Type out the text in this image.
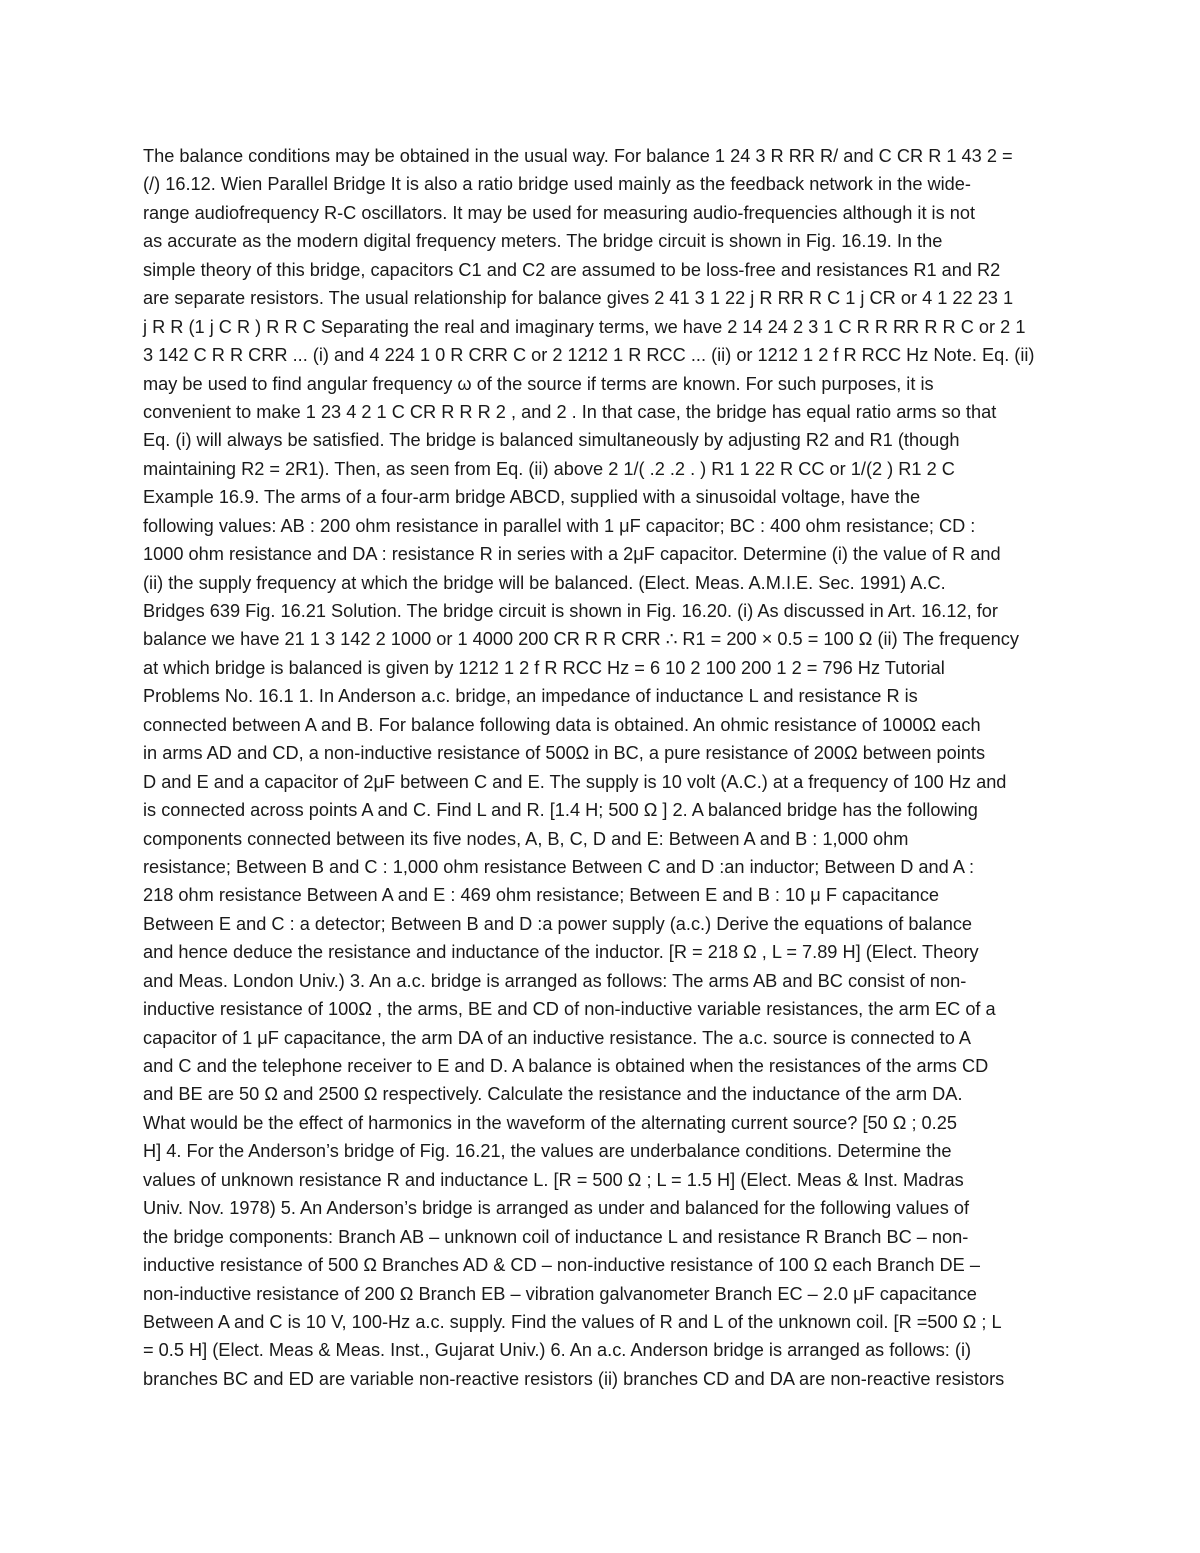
The balance conditions may be obtained in the usual way. For balance 1 24 3 R RR R/ and C CR R 1 43 2 =
(/) 16.12. Wien Parallel Bridge It is also a ratio bridge used mainly as the feedback network in the wide-
range audiofrequency R-C oscillators. It may be used for measuring audio-frequencies although it is not
as accurate as the modern digital frequency meters. The bridge circuit is shown in Fig. 16.19. In the
simple theory of this bridge, capacitors C1 and C2 are assumed to be loss-free and resistances R1 and R2
are separate resistors. The usual relationship for balance gives 2 41 3 1 22 j R RR R C 1 j CR or 4 1 22 23 1
j R R (1 j C R ) R R C Separating the real and imaginary terms, we have 2 14 24 2 3 1 C R R RR R R C or 2 1
3 142 C R R CRR ... (i) and 4 224 1 0 R CRR C or 2 1212 1 R RCC ... (ii) or 1212 1 2 f R RCC Hz Note. Eq. (ii)
may be used to find angular frequency ω of the source if terms are known. For such purposes, it is
convenient to make 1 23 4 2 1 C CR R R R 2 , and 2 . In that case, the bridge has equal ratio arms so that
Eq. (i) will always be satisfied. The bridge is balanced simultaneously by adjusting R2 and R1 (though
maintaining R2 = 2R1). Then, as seen from Eq. (ii) above 2 1/( .2 .2 . ) R1 1 22 R CC or 1/(2 ) R1 2 C
Example 16.9. The arms of a four-arm bridge ABCD, supplied with a sinusoidal voltage, have the
following values: AB : 200 ohm resistance in parallel with 1 μF capacitor; BC : 400 ohm resistance; CD :
1000 ohm resistance and DA : resistance R in series with a 2μF capacitor. Determine (i) the value of R and
(ii) the supply frequency at which the bridge will be balanced. (Elect. Meas. A.M.I.E. Sec. 1991) A.C.
Bridges 639 Fig. 16.21 Solution. The bridge circuit is shown in Fig. 16.20. (i) As discussed in Art. 16.12, for
balance we have 21 1 3 142 2 1000 or 1 4000 200 CR R R CRR ∴ R1 = 200 × 0.5 = 100 Ω (ii) The frequency
at which bridge is balanced is given by 1212 1 2 f R RCC Hz = 6 10 2 100 200 1 2 = 796 Hz Tutorial
Problems No. 16.1 1. In Anderson a.c. bridge, an impedance of inductance L and resistance R is
connected between A and B. For balance following data is obtained. An ohmic resistance of 1000Ω each
in arms AD and CD, a non-inductive resistance of 500Ω in BC, a pure resistance of 200Ω between points
D and E and a capacitor of 2μF between C and E. The supply is 10 volt (A.C.) at a frequency of 100 Hz and
is connected across points A and C. Find L and R. [1.4 H; 500 Ω ] 2. A balanced bridge has the following
components connected between its five nodes, A, B, C, D and E: Between A and B : 1,000 ohm
resistance; Between B and C : 1,000 ohm resistance Between C and D :an inductor; Between D and A :
218 ohm resistance Between A and E : 469 ohm resistance; Between E and B : 10 μ F capacitance
Between E and C : a detector; Between B and D :a power supply (a.c.) Derive the equations of balance
and hence deduce the resistance and inductance of the inductor. [R = 218 Ω , L = 7.89 H] (Elect. Theory
and Meas. London Univ.) 3. An a.c. bridge is arranged as follows: The arms AB and BC consist of non-
inductive resistance of 100Ω , the arms, BE and CD of non-inductive variable resistances, the arm EC of a
capacitor of 1 μF capacitance, the arm DA of an inductive resistance. The a.c. source is connected to A
and C and the telephone receiver to E and D. A balance is obtained when the resistances of the arms CD
and BE are 50 Ω and 2500 Ω respectively. Calculate the resistance and the inductance of the arm DA.
What would be the effect of harmonics in the waveform of the alternating current source? [50 Ω ; 0.25
H] 4. For the Anderson’s bridge of Fig. 16.21, the values are underbalance conditions. Determine the
values of unknown resistance R and inductance L. [R = 500 Ω ; L = 1.5 H] (Elect. Meas & Inst. Madras
Univ. Nov. 1978) 5. An Anderson’s bridge is arranged as under and balanced for the following values of
the bridge components: Branch AB – unknown coil of inductance L and resistance R Branch BC – non-
inductive resistance of 500 Ω Branches AD & CD – non-inductive resistance of 100 Ω each Branch DE –
non-inductive resistance of 200 Ω Branch EB – vibration galvanometer Branch EC – 2.0 μF capacitance
Between A and C is 10 V, 100-Hz a.c. supply. Find the values of R and L of the unknown coil. [R =500 Ω ; L
= 0.5 H] (Elect. Meas & Meas. Inst., Gujarat Univ.) 6. An a.c. Anderson bridge is arranged as follows: (i)
branches BC and ED are variable non-reactive resistors (ii) branches CD and DA are non-reactive resistors
